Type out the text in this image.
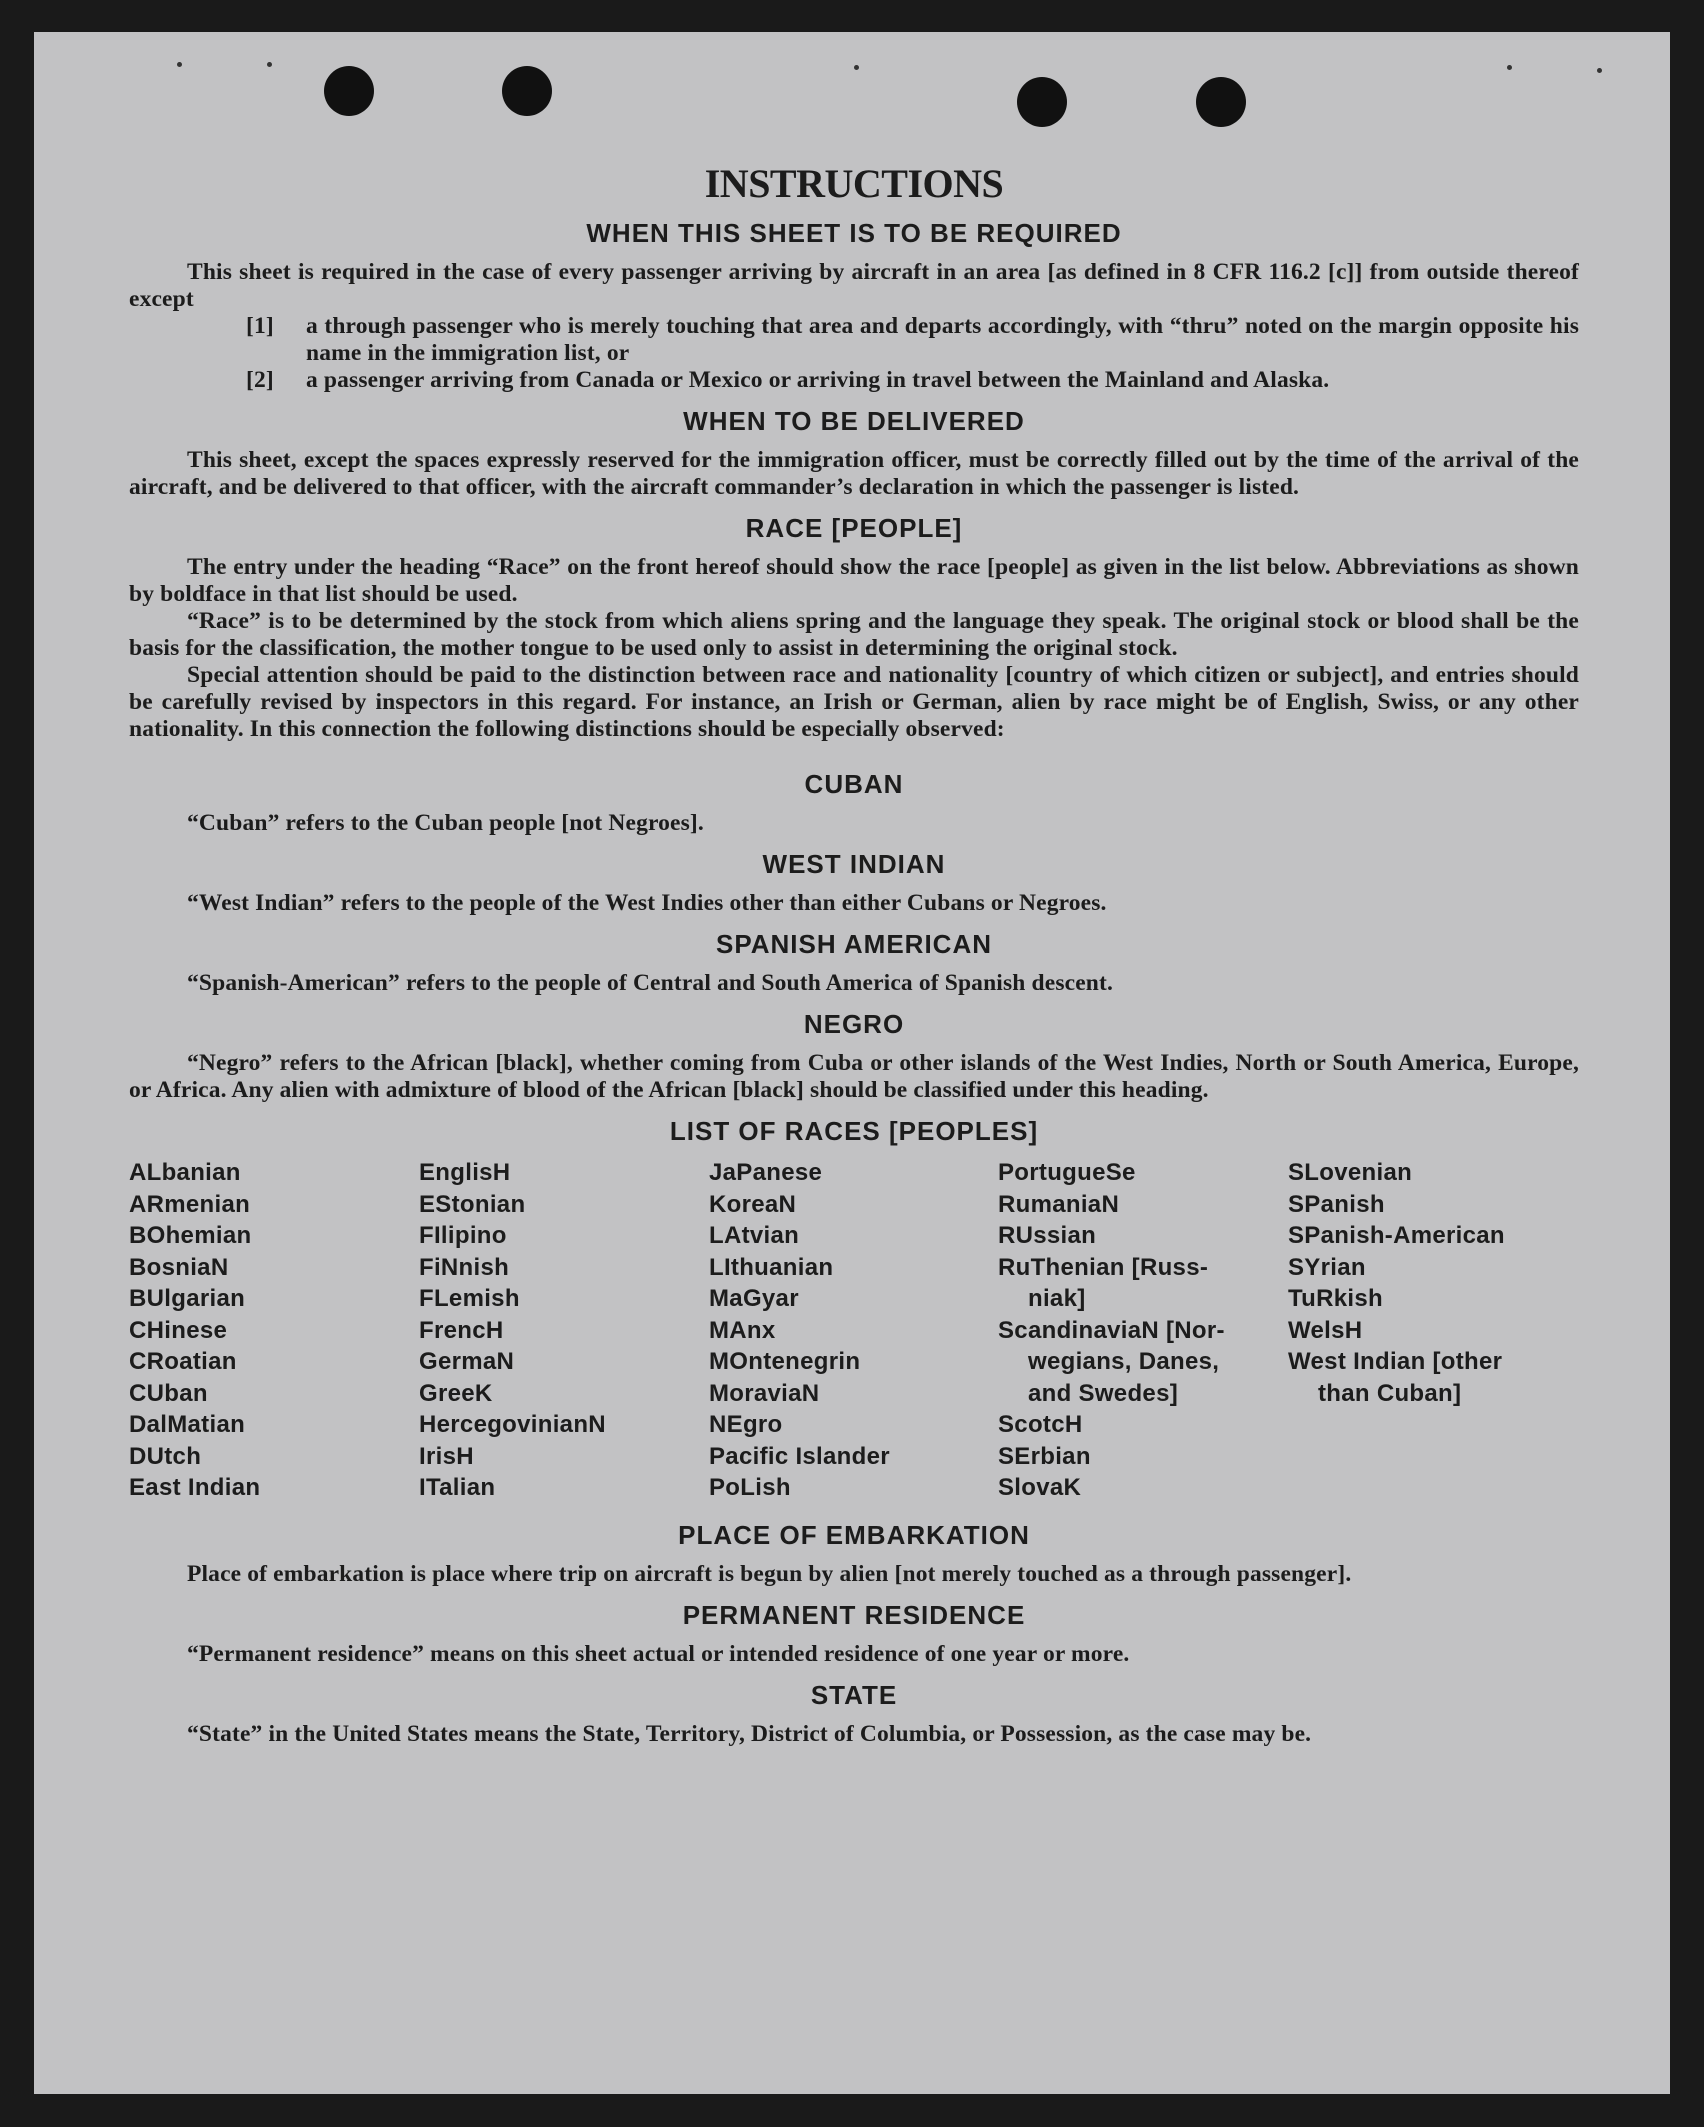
INSTRUCTIONS
WHEN THIS SHEET IS TO BE REQUIRED

This sheet is required in the case of every passenger arriving by aircraft in an area [as defined in 8 CFR 116.2 [c]] from outside thereof except

[1]	a through passenger who is merely touching that area and departs accordingly, with “thru” noted on the margin opposite his name in the immigration list, or
[2]	a passenger arriving from Canada or Mexico or arriving in travel between the Mainland and Alaska.
WHEN TO BE DELIVERED

This sheet, except the spaces expressly reserved for the immigration officer, must be correctly filled out by the time of the arrival of the aircraft, and be delivered to that officer, with the aircraft commander’s declaration in which the passenger is listed.

RACE [PEOPLE]

The entry under the heading “Race” on the front hereof should show the race [people] as given in the list below. Abbreviations as shown by boldface in that list should be used.

“Race” is to be determined by the stock from which aliens spring and the language they speak. The original stock or blood shall be the basis for the classification, the mother tongue to be used only to assist in determining the original stock.

Special attention should be paid to the distinction between race and nationality [country of which citizen or subject], and entries should be carefully revised by inspectors in this regard. For instance, an Irish or German, alien by race might be of English, Swiss, or any other nationality. In this connection the following distinctions should be especially observed:

CUBAN

“Cuban” refers to the Cuban people [not Negroes].

WEST INDIAN

“West Indian” refers to the people of the West Indies other than either Cubans or Negroes.

SPANISH AMERICAN

“Spanish-American” refers to the people of Central and South America of Spanish descent.

NEGRO

“Negro” refers to the African [black], whether coming from Cuba or other islands of the West Indies, North or South America, Europe, or Africa. Any alien with admixture of blood of the African [black] should be classified under this heading.

LIST OF RACES [PEOPLES]
ALbanian
ARmenian
BOhemian
BosniaN
BUlgarian
CHinese
CRoatian
CUban
DalMatian
DUtch
East Indian
EnglisH
EStonian
FIlipino
FiNnish
FLemish
FrencH
GermaN
GreeK
HercegovinianN
IrisH
ITalian
JaPanese
KoreaN
LAtvian
LIthuanian
MaGyar
MAnx
MOntenegrin
MoraviaN
NEgro
Pacific Islander
PoLish
PortugueSe
RumaniaN
RUssian
RuThenian [Russ-
niak]
ScandinaviaN [Nor-
wegians, Danes,
and Swedes]
ScotcH
SErbian
SlovaK
SLovenian
SPanish
SPanish-American
SYrian
TuRkish
WelsH
West Indian [other
than Cuban]
PLACE OF EMBARKATION

Place of embarkation is place where trip on aircraft is begun by alien [not merely touched as a through passenger].

PERMANENT RESIDENCE

“Permanent residence” means on this sheet actual or intended residence of one year or more.

STATE

“State” in the United States means the State, Territory, District of Columbia, or Possession, as the case may be.
